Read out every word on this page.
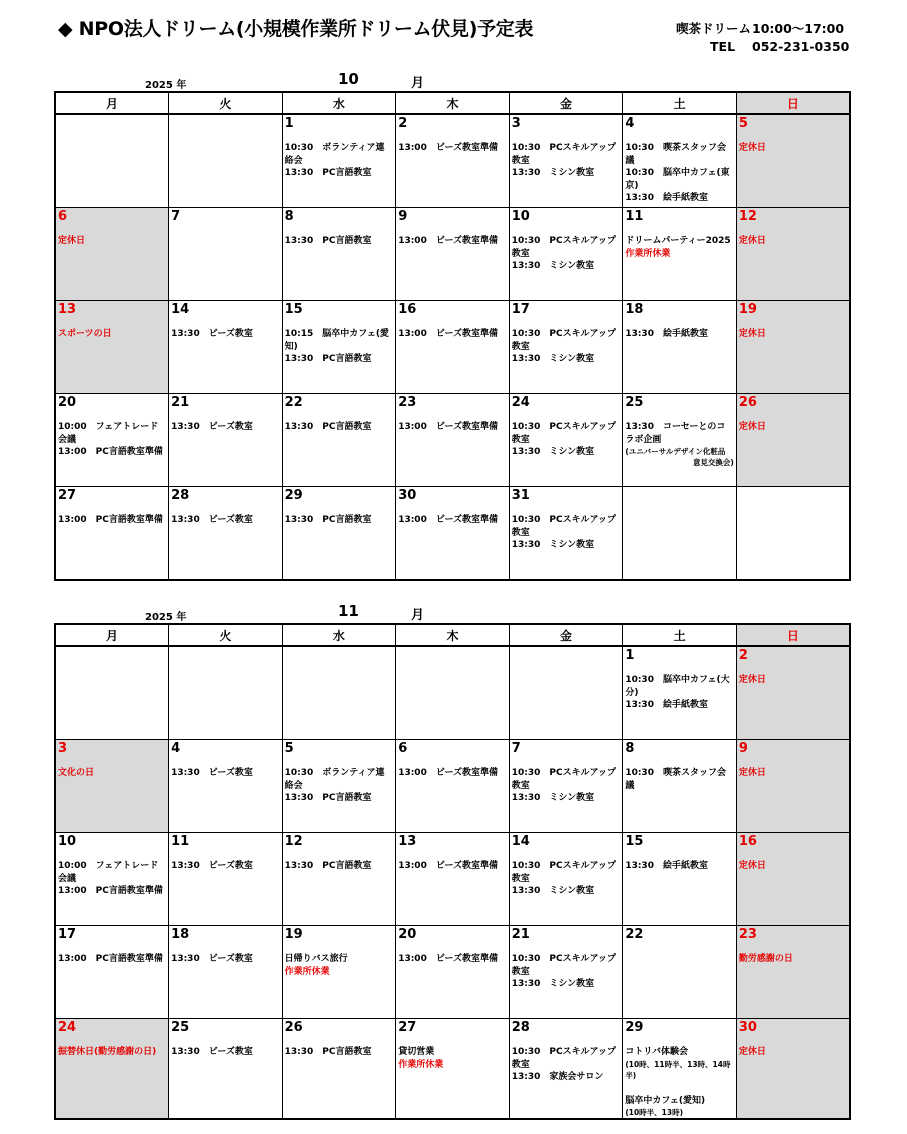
◆ NPO法人ドリーム(小規模作業所ドリーム伏見)予定表	喫茶ドリーム 10:00～17:00
TEL	052-231-0350
2025 年	10	月
月	火	水	木	金	土	日

		1
10:30　ボランティア連絡会
13:30　PC言語教室	2
13:00　ビーズ教室準備	3
10:30　PCスキルアップ教室
13:30　ミシン教室	4
10:30　喫茶スタッフ会議
10:30　脳卒中カフェ(東京)
13:30　絵手紙教室	5
定休日

6
定休日	7	8
13:30　PC言語教室	9
13:00　ビーズ教室準備	10
10:30　PCスキルアップ教室
13:30　ミシン教室	11
ドリームパーティー2025
作業所休業	12
定休日

13
スポーツの日	14
13:30　ビーズ教室	15
10:15　脳卒中カフェ(愛知)
13:30　PC言語教室	16
13:00　ビーズ教室準備	17
10:30　PCスキルアップ教室
13:30　ミシン教室	18
13:30　絵手紙教室	19
定休日

20
10:00　フェアトレード会議
13:00　PC言語教室準備	21
13:30　ビーズ教室	22
13:30　PC言語教室	23
13:00　ビーズ教室準備	24
10:30　PCスキルアップ教室
13:30　ミシン教室	25
13:30　コーセーとのコラボ企画
(ユニバーサルデザイン化粧品
意見交換会)	26
定休日

27
13:00　PC言語教室準備	28
13:30　ビーズ教室	29
13:30　PC言語教室	30
13:00　ビーズ教室準備	31
10:30　PCスキルアップ教室
13:30　ミシン教室		

2025 年	11	月
月	火	水	木	金	土	日

					1
10:30　脳卒中カフェ(大分)
13:30　絵手紙教室	2
定休日

3
文化の日	4
13:30　ビーズ教室	5
10:30　ボランティア連絡会
13:30　PC言語教室	6
13:00　ビーズ教室準備	7
10:30　PCスキルアップ教室
13:30　ミシン教室	8
10:30　喫茶スタッフ会議	9
定休日

10
10:00　フェアトレード会議
13:00　PC言語教室準備	11
13:30　ビーズ教室	12
13:30　PC言語教室	13
13:00　ビーズ教室準備	14
10:30　PCスキルアップ教室
13:30　ミシン教室	15
13:30　絵手紙教室	16
定休日

17
13:00　PC言語教室準備	18
13:30　ビーズ教室	19
日帰りバス旅行
作業所休業	20
13:00　ビーズ教室準備	21
10:30　PCスキルアップ教室
13:30　ミシン教室	22	23
勤労感謝の日

24
振替休日(勤労感謝の日)	25
13:30　ビーズ教室	26
13:30　PC言語教室	27
貸切営業
作業所休業	28
10:30　PCスキルアップ教室
13:30　家族会サロン	29
コトリバ体験会
(10時、11時半、13時、14時半)
脳卒中カフェ(愛知)
(10時半、13時)	30
定休日
